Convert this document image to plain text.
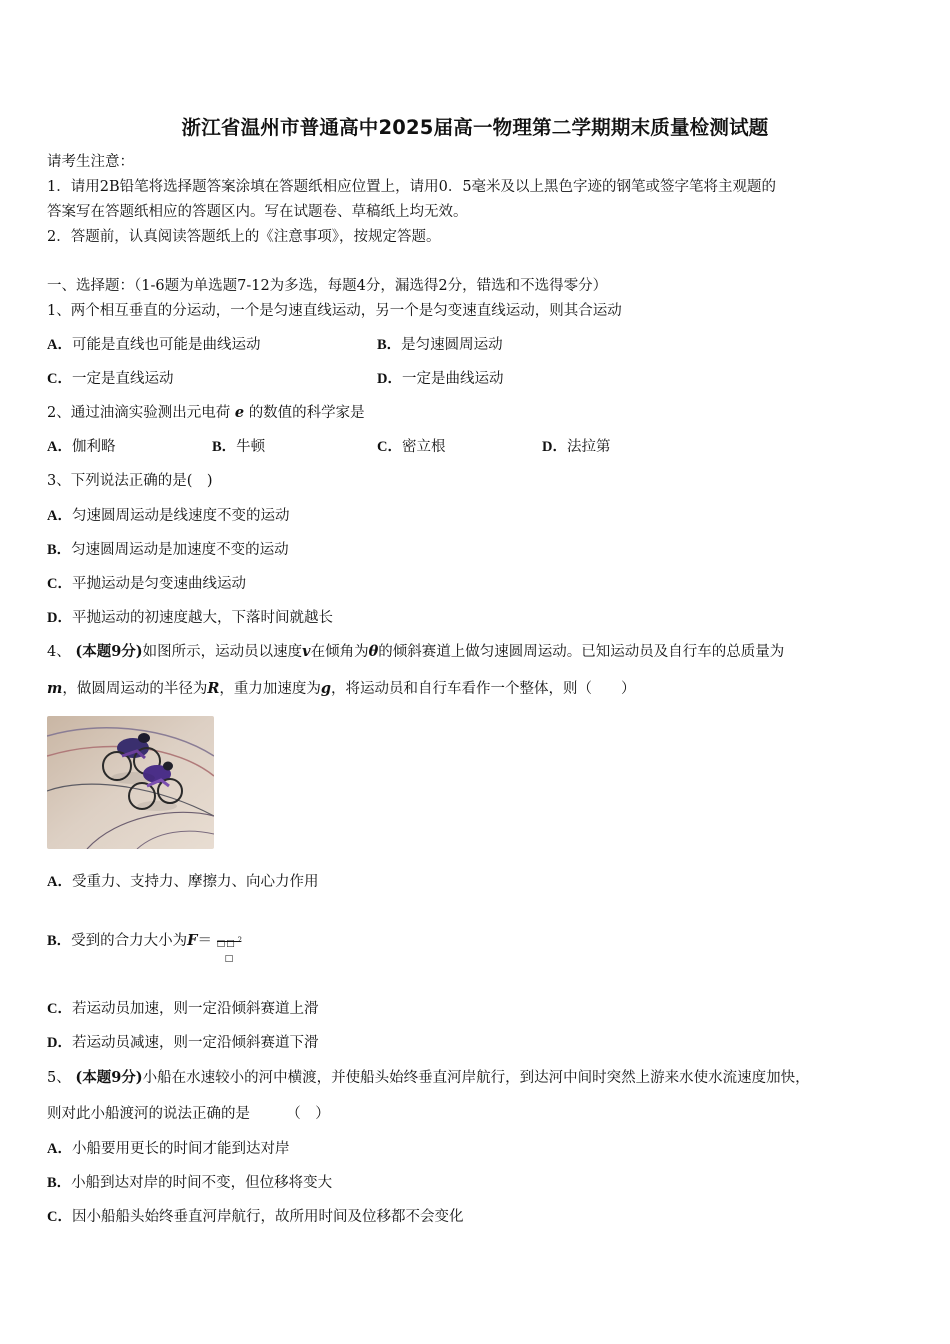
浙江省温州市普通高中2025届高一物理第二学期期末质量检测试题
请考生注意：
1．请用2B铅笔将选择题答案涂填在答题纸相应位置上，请用0．5毫米及以上黑色字迹的钢笔或签字笔将主观题的
答案写在答题纸相应的答题区内。写在试题卷、草稿纸上均无效。
2．答题前，认真阅读答题纸上的《注意事项》，按规定答题。
一、选择题：（1-6题为单选题7-12为多选，每题4分，漏选得2分，错选和不选得零分）
1、两个相互垂直的分运动，一个是匀速直线运动，另一个是匀变速直线运动，则其合运动
A．可能是直线也可能是曲线运动	B．是匀速圆周运动
C．一定是直线运动	D．一定是曲线运动
2、通过油滴实验测出元电荷 e 的数值的科学家是
A．伽利略	B．牛顿	C．密立根	D．法拉第
3、下列说法正确的是(　)
A．匀速圆周运动是线速度不变的运动
B．匀速圆周运动是加速度不变的运动
C．平抛运动是匀变速曲线运动
D．平抛运动的初速度越大，下落时间就越长
4、 (本题9分)如图所示，运动员以速度v在倾角为θ的倾斜赛道上做匀速圆周运动。已知运动员及自行车的总质量为
m，做圆周运动的半径为R，重力加速度为g，将运动员和自行车看作一个整体，则（　　）
A．受重力、支持力、摩擦力、向心力作用
B．受到的合力大小为F＝ □□ 2
□
C．若运动员加速，则一定沿倾斜赛道上滑
D．若运动员减速，则一定沿倾斜赛道下滑
5、 (本题9分)小船在水速较小的河中横渡，并使船头始终垂直河岸航行，到达河中间时突然上游来水使水流速度加快，
则对此小船渡河的说法正确的是　　　（　）
A．小船要用更长的时间才能到达对岸
B．小船到达对岸的时间不变，但位移将变大
C．因小船船头始终垂直河岸航行，故所用时间及位移都不会变化
